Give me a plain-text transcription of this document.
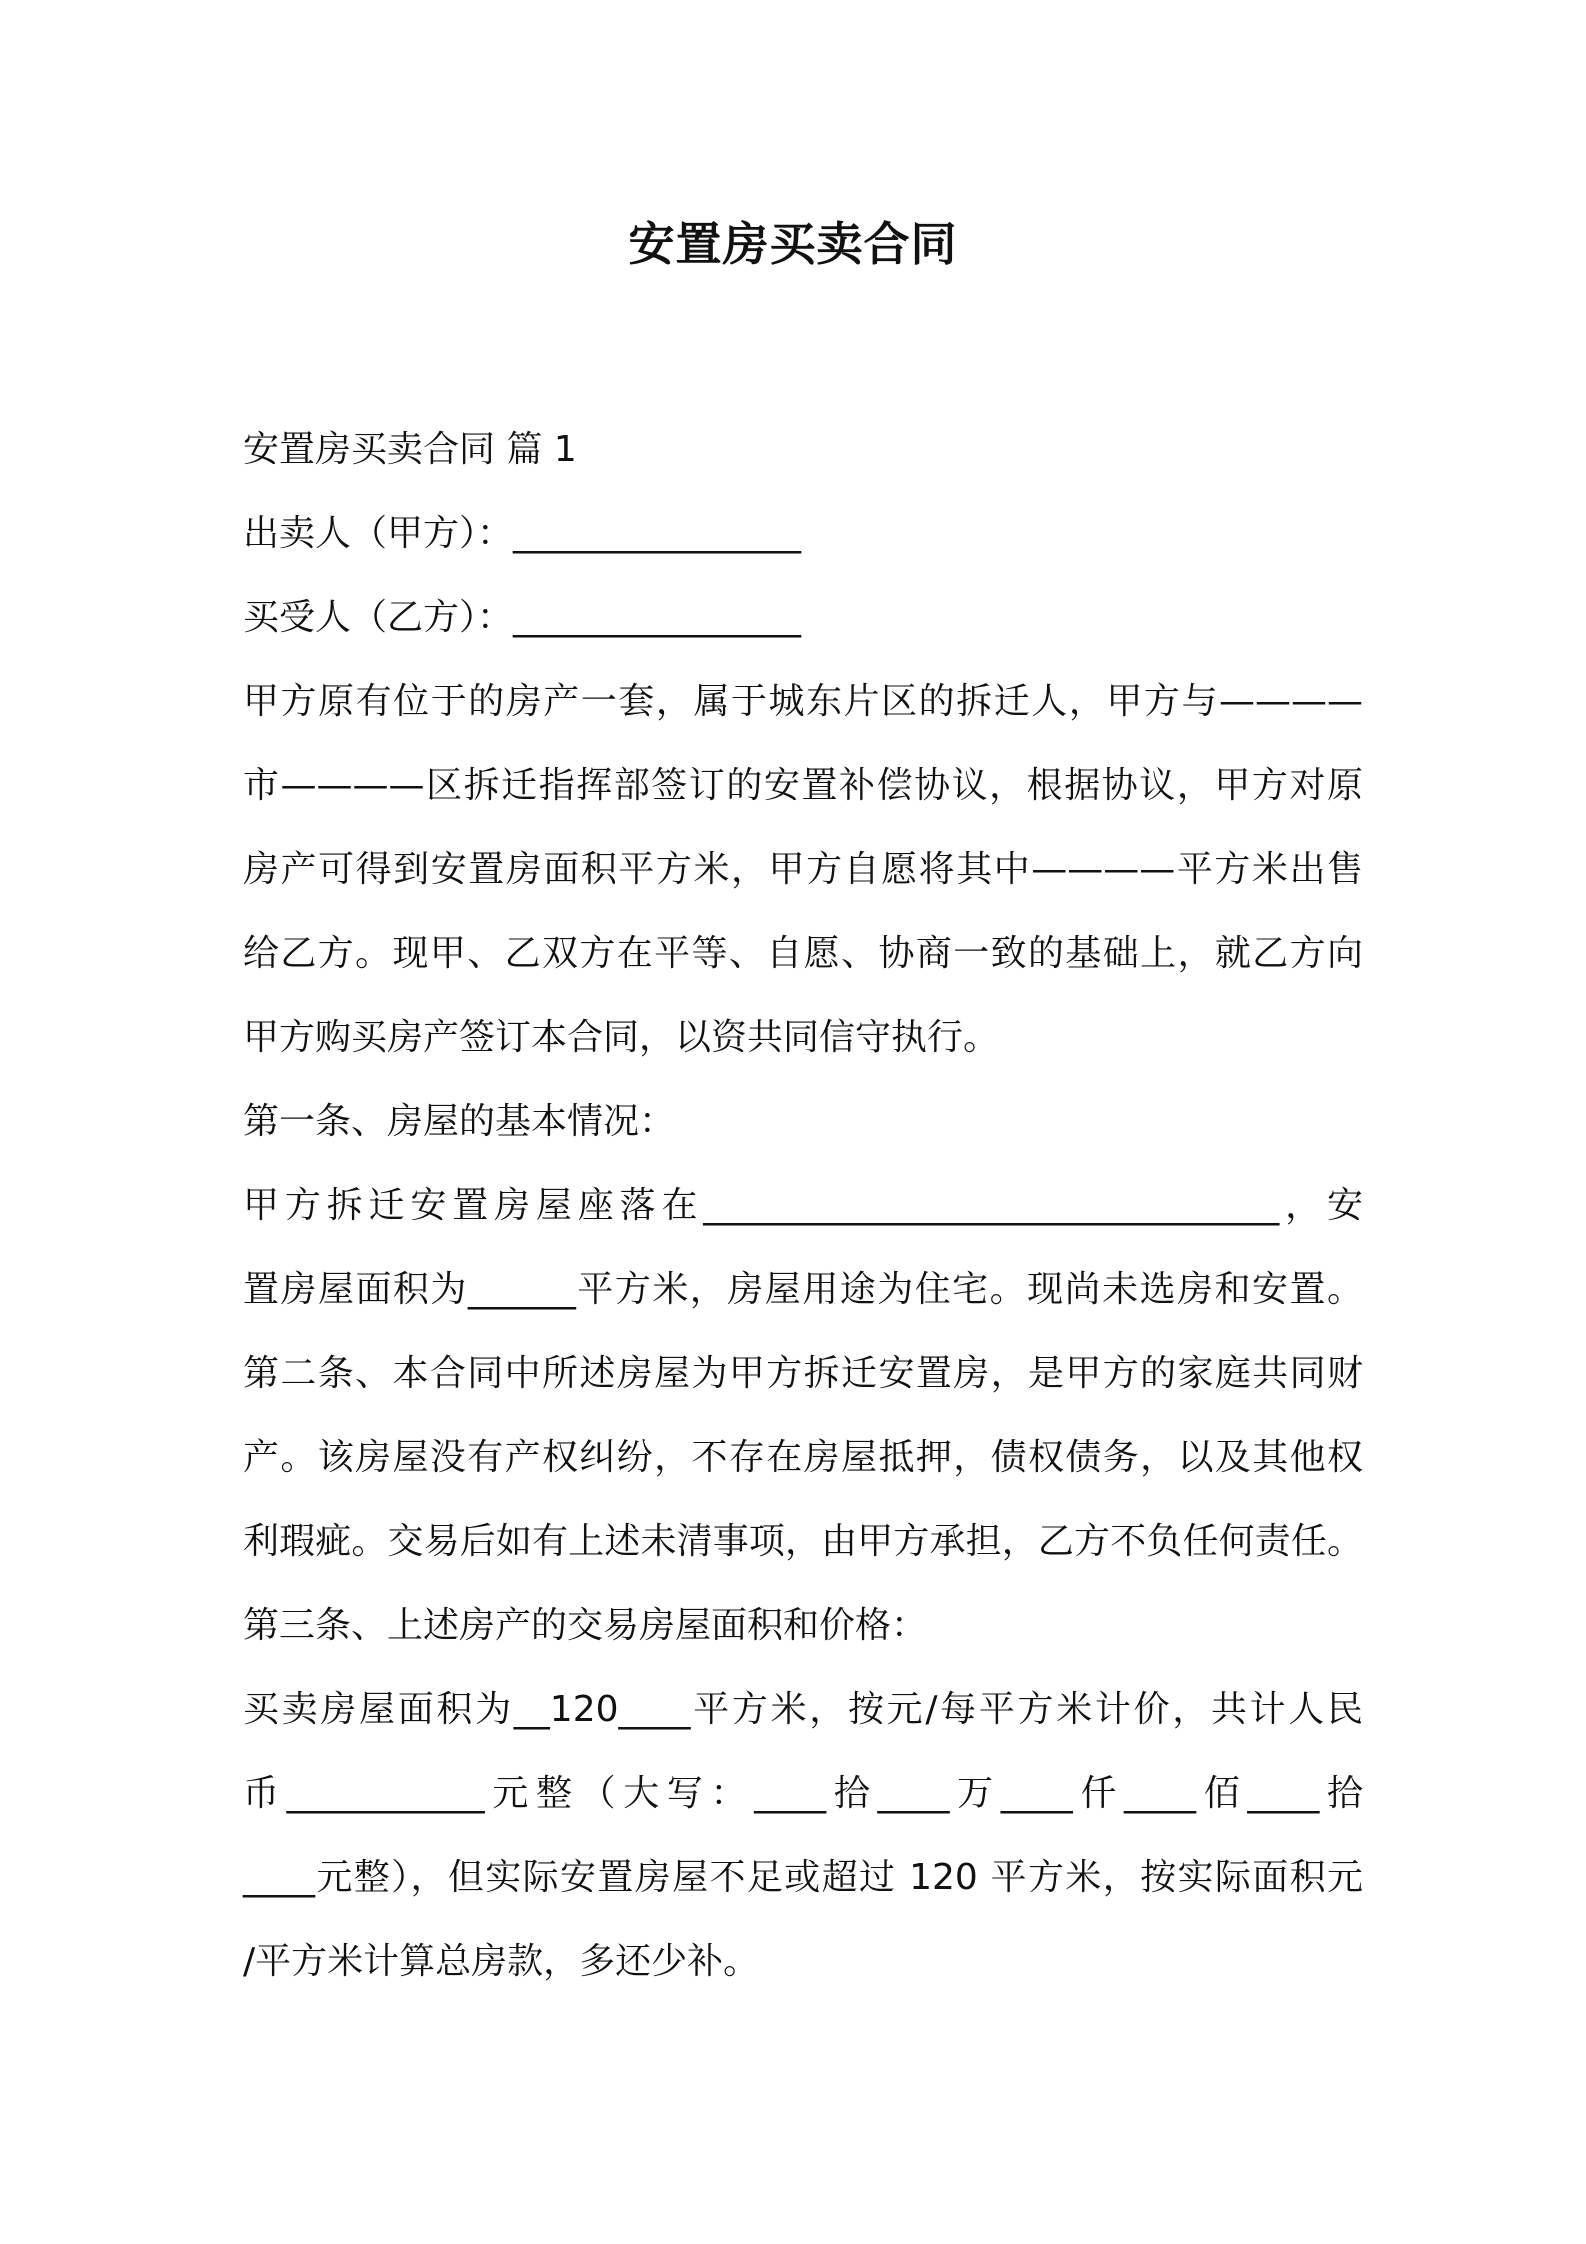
安置房买卖合同

安置房买卖合同 篇 1

出卖人（甲方）：________________

买受人（乙方）：________________

甲方原有位于的房产一套，属于城东片区的拆迁人，甲方与————

市————区拆迁指挥部签订的安置补偿协议，根据协议，甲方对原

房产可得到安置房面积平方米，甲方自愿将其中————平方米出售

给乙方。现甲、乙双方在平等、自愿、协商一致的基础上，就乙方向

甲方购买房产签订本合同，以资共同信守执行。

第一条、房屋的基本情况：

甲方拆迁安置房屋座落在________________________________，安

置房屋面积为______平方米，房屋用途为住宅。现尚未选房和安置。

第二条、本合同中所述房屋为甲方拆迁安置房，是甲方的家庭共同财

产。该房屋没有产权纠纷，不存在房屋抵押，债权债务，以及其他权

利瑕疵。交易后如有上述未清事项，由甲方承担，乙方不负任何责任。

第三条、上述房产的交易房屋面积和价格：

买卖房屋面积为__120____平方米，按元/每平方米计价，共计人民

币___________元整（大写：____拾____万____仟____佰____拾

____元整），但实际安置房屋不足或超过 120 平方米，按实际面积元

/平方米计算总房款，多还少补。
